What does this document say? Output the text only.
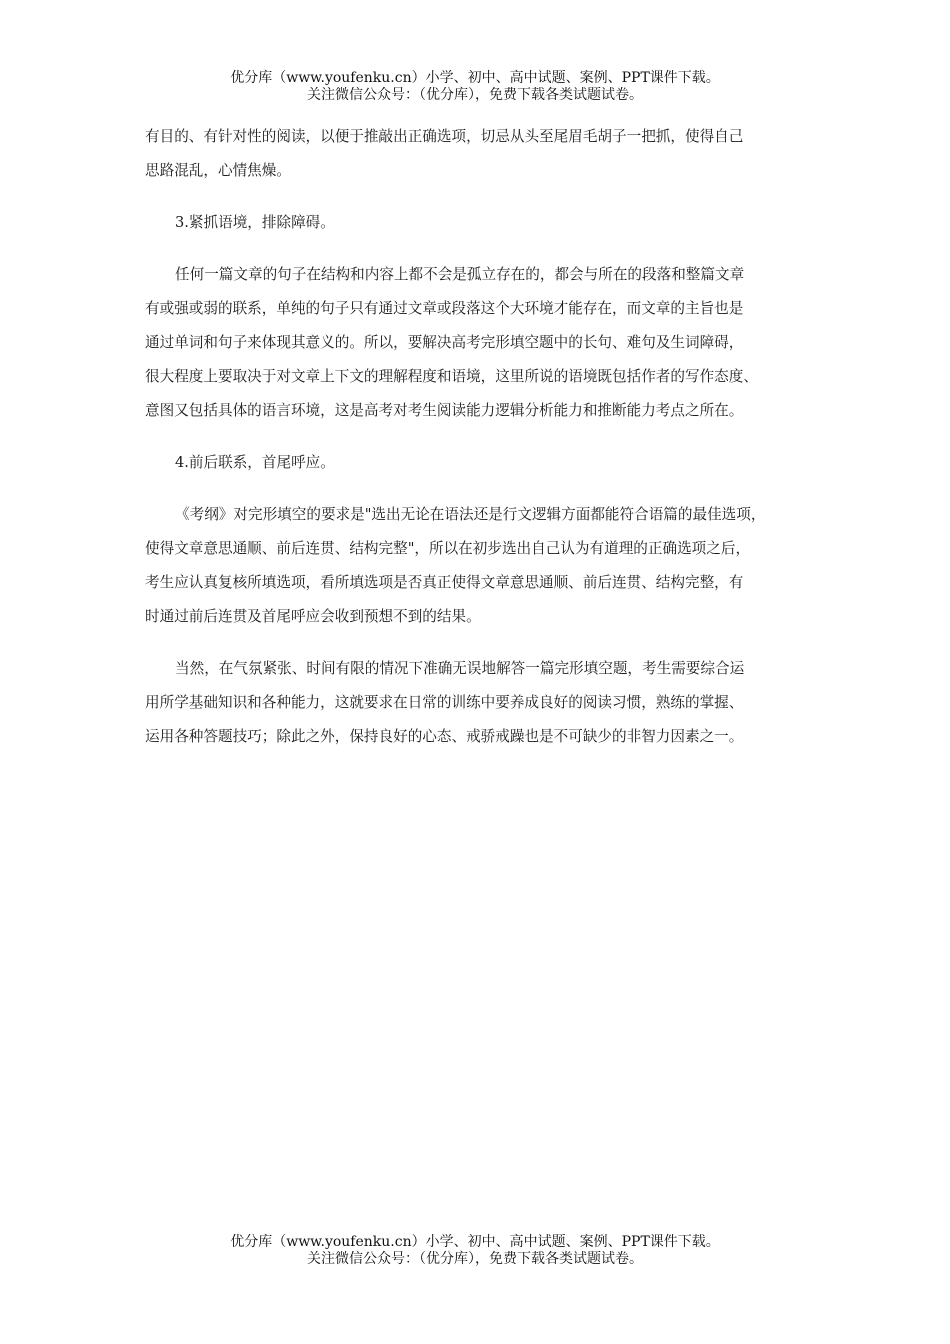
优分库（www.youfenku.cn）小学、初中、高中试题、案例、PPT课件下载。
关注微信公众号：（优分库），免费下载各类试题试卷。

有目的、有针对性的阅读，以便于推敲出正确选项，切忌从头至尾眉毛胡子一把抓，使得自己
思路混乱，心情焦燥。

3.紧抓语境，排除障碍。

任何一篇文章的句子在结构和内容上都不会是孤立存在的，都会与所在的段落和整篇文章
有或强或弱的联系，单纯的句子只有通过文章或段落这个大环境才能存在，而文章的主旨也是
通过单词和句子来体现其意义的。所以，要解决高考完形填空题中的长句、难句及生词障碍，
很大程度上要取决于对文章上下文的理解程度和语境，这里所说的语境既包括作者的写作态度、
意图又包括具体的语言环境，这是高考对考生阅读能力逻辑分析能力和推断能力考点之所在。

4.前后联系，首尾呼应。

《考纲》对完形填空的要求是"选出无论在语法还是行文逻辑方面都能符合语篇的最佳选项，
使得文章意思通顺、前后连贯、结构完整"，所以在初步选出自己认为有道理的正确选项之后，
考生应认真复核所填选项，看所填选项是否真正使得文章意思通顺、前后连贯、结构完整，有
时通过前后连贯及首尾呼应会收到预想不到的结果。

当然，在气氛紧张、时间有限的情况下准确无误地解答一篇完形填空题，考生需要综合运
用所学基础知识和各种能力，这就要求在日常的训练中要养成良好的阅读习惯，熟练的掌握、
运用各种答题技巧；除此之外，保持良好的心态、戒骄戒躁也是不可缺少的非智力因素之一。

优分库（www.youfenku.cn）小学、初中、高中试题、案例、PPT课件下载。
关注微信公众号：（优分库），免费下载各类试题试卷。
